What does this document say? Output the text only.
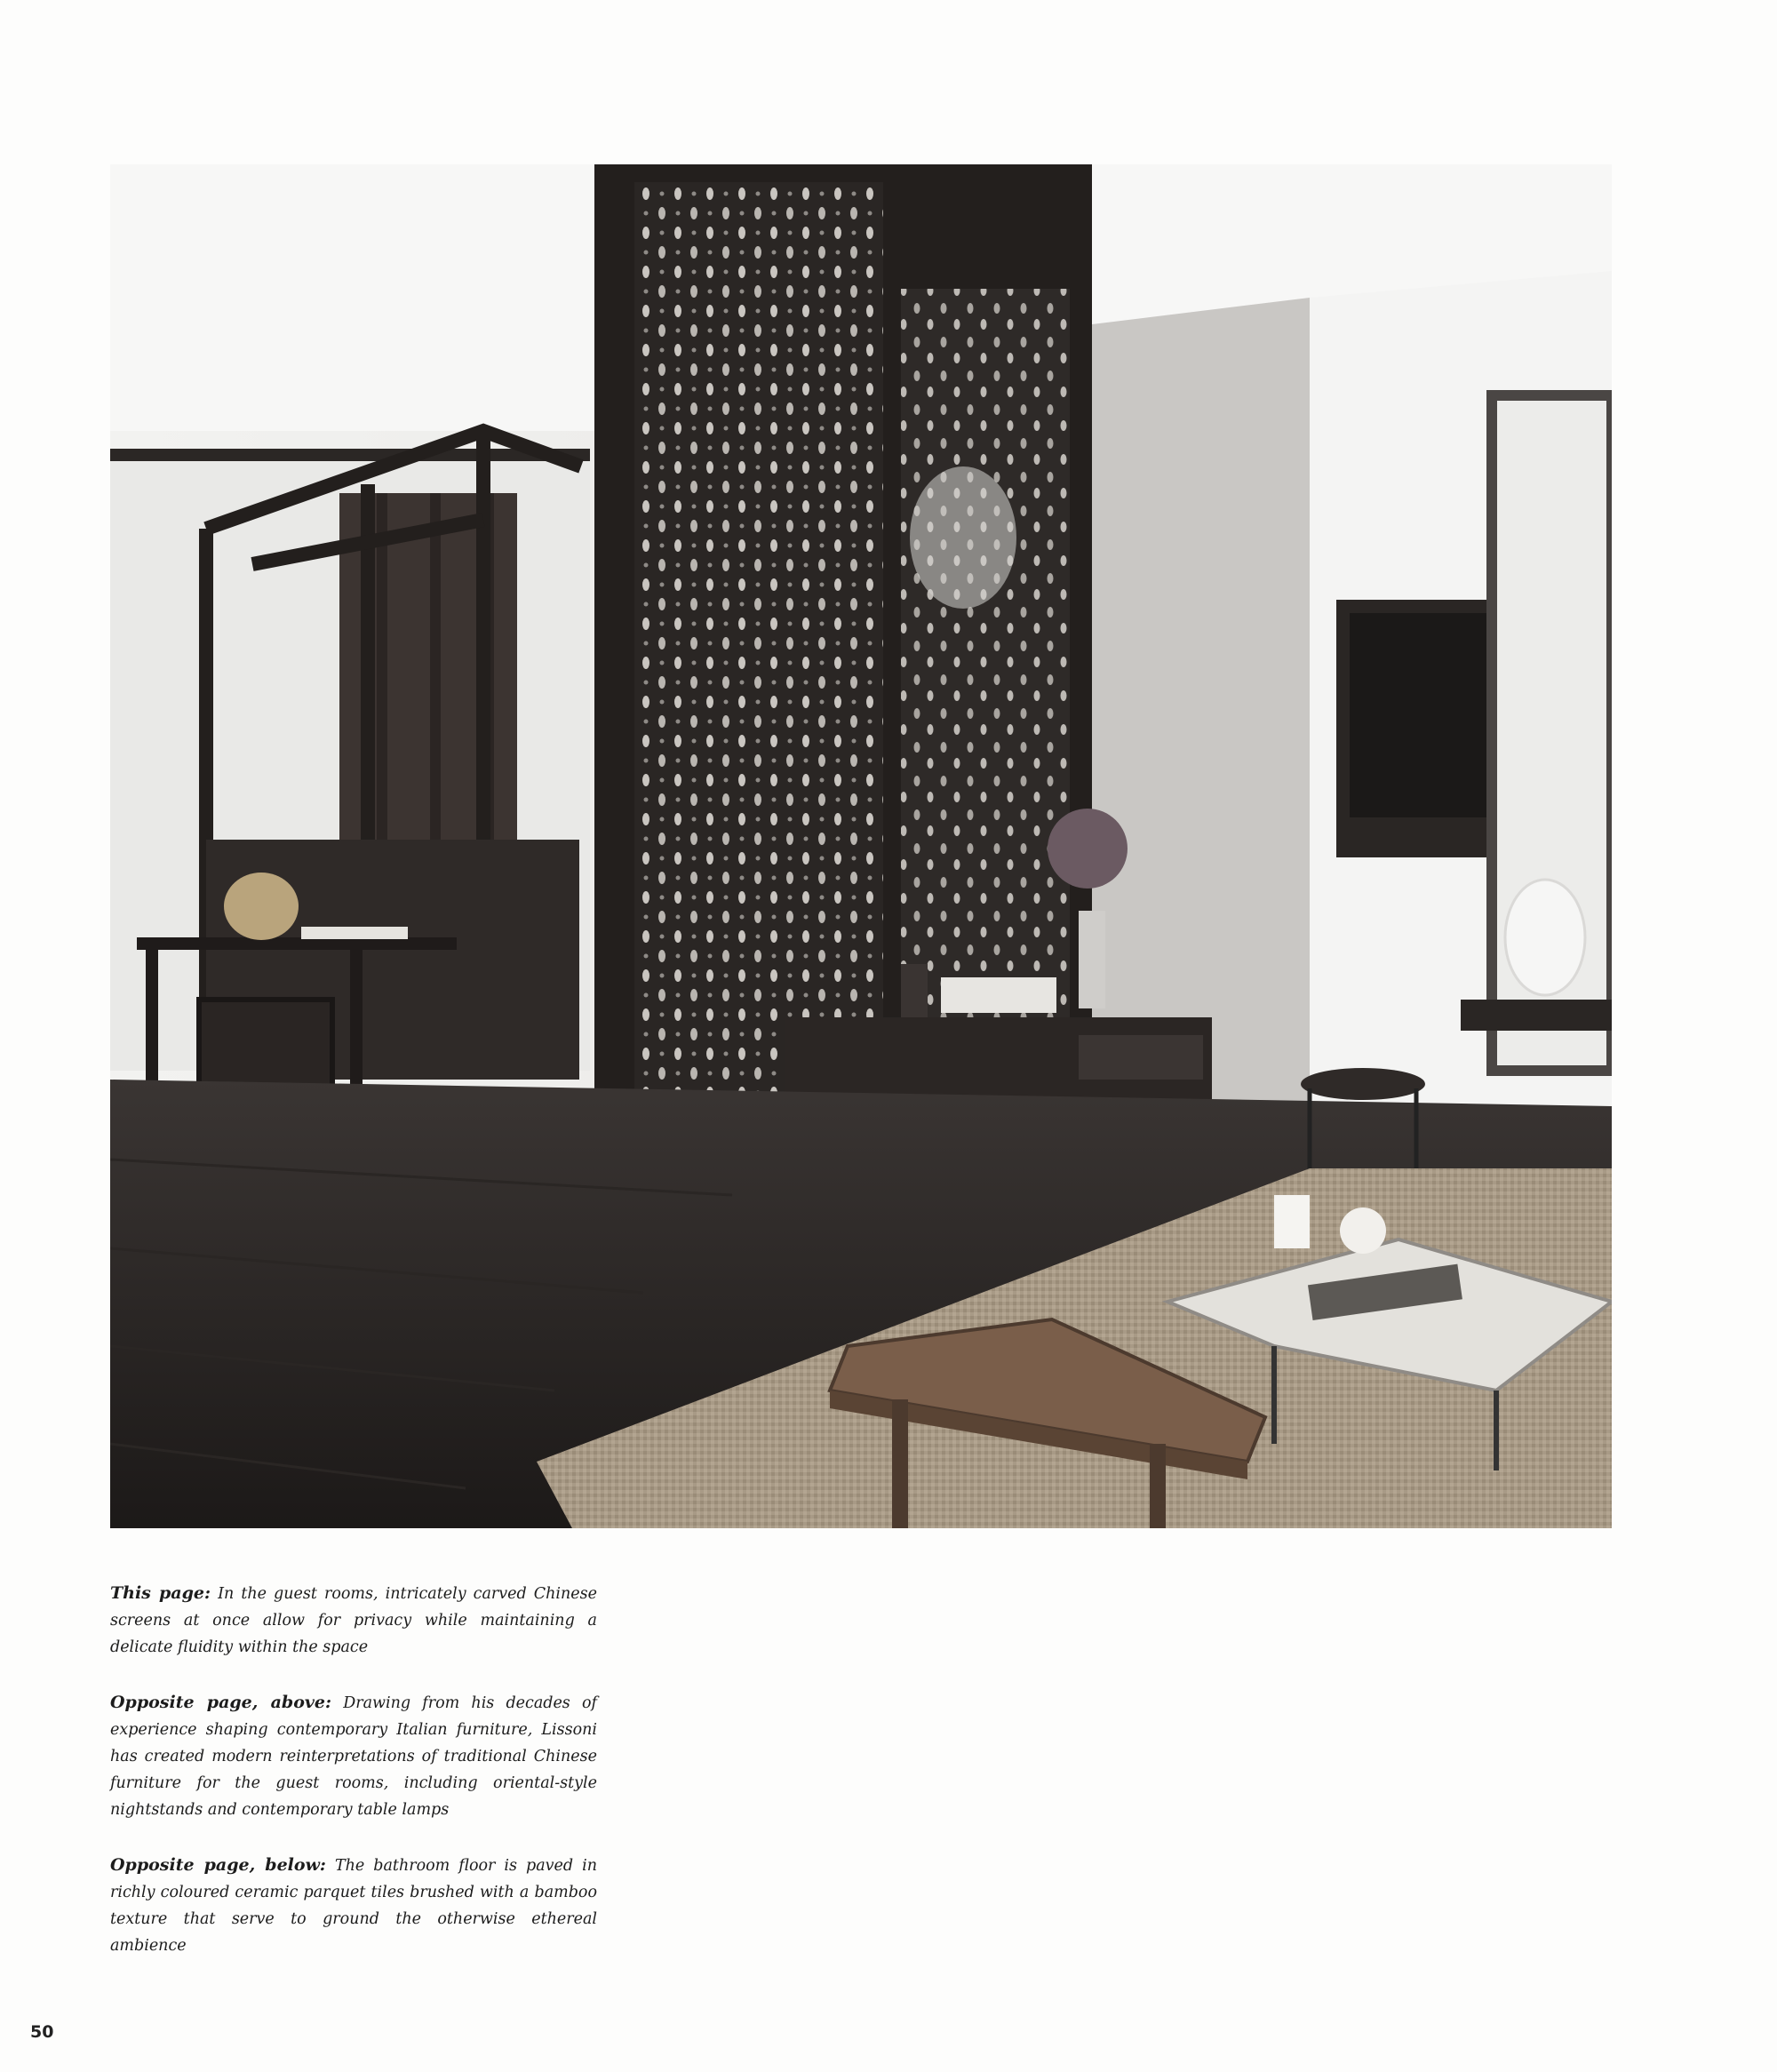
This page: In the guest rooms, intricately carved Chinese screens at once allow for privacy while maintaining a delicate fluidity within the space

Opposite page, above: Drawing from his decades of experience shaping contemporary Italian furniture, Lissoni has created modern reinterpretations of traditional Chinese furniture for the guest rooms, including oriental-style nightstands and contemporary table lamps

Opposite page, below: The bathroom floor is paved in richly coloured ceramic parquet tiles brushed with a bamboo texture that serve to ground the otherwise ethereal ambience

50
